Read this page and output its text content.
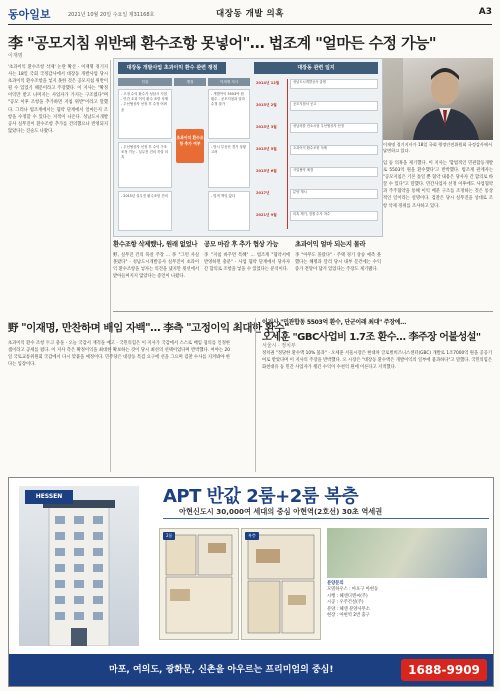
동아일보	2021년 10월 20일 수요일 제31168호	대장동 개발 의혹	A3
李 "공모지침 위반돼 환수조항 못넣어"… 법조계 "얼마든 수정 가능"
이재명
'초과이익 환수조항 삭제' 논란 확산 · 이재명 경기지사는 18일 국회 국정감사에서 대장동 개발사업 당시 초과이익 환수조항을 넣지 못한 것은 공모지침 위반이 될 수 있었기 때문이라고 주장했다. 이 지사는 "확정이익만 받고 나머지는 사업자가 가지는 구조였다"며 "공모 이후 조항을 추가하면 지침 위반"이라고 말했다. 그러나 법조계에서는 협약 단계에서 얼마든지 조항을 수정할 수 있다는 지적이 나온다. 성남도시개발공사 실무진이 환수조항 추가를 건의했으나 반영되지 않았다는 진술도 나왔다.
대장동 개발사업 초과이익 환수 관련 쟁점	대장동 관련 일지
민관	쟁점	이재명 지사
- 고정 수익 환수가 성남시 지침 - 민간 초과 이익 환수 조항 삭제 - 우선협상자 선정 후 수정 어려움
- 우선협상자 선정 후 수익 구조 조정 가능 - 실무진 건의 묵살 의혹
- 2015년 실무진 환수조항 건의
초과이익 환수조항 추가 여부
- 개발이익 5503억 원 환수 - 공모지침과 달라 수정 불가
- 당시 부동산 경기 상황 고려
- 법적 책임 없다
2014년 12월	성남도시개발공사 출범
2015년 2월	공모지침서 공고
2015년 3월	성남의뜰 컨소시엄 우선협상자 선정
2015년 5월	초과이익 환수조항 삭제
2015년 6월	사업협약 체결
2017년	분양 개시
2021년 9월	의혹 제기, 검찰 수사 착수
이재명 경기지사가 18일 국회 행정안전위원회 국정감사에서 답변하고 있다.
임 등 의혹을 제기했다. 이 지사는 '합법적인 민관합동개발로 5503억 원을 환수했다'고 반박했다. 법조계 관계자는 "공모지침은 기본 틀일 뿐 협약 내용은 당사자 간 합의로 바꿀 수 있다"고 말했다. 민간사업자 선정 이후에도 사업협약과 주주협약을 통해 이익 배분 구조를 조정하는 것은 통상적인 일이라는 설명이다. 검찰은 당시 실무진을 상대로 조항 삭제 경위를 조사하고 있다.
환수조항 삭제했나, 원래 없었나
野, 실무진 건의 묵살 주장 … 李 "그런 사실 몰랐다" · 성남도시개발공사 실무진이 초과이익 환수조항을 넣자는 의견을 냈지만 윗선에서 받아들여지지 않았다는 증언이 나왔다.
공모 마감 후 추가 협상 가능
李 "지침 바꾸면 특혜" … 법조계 "협약서에 반영하면 충분" · 사업 협약 단계에서 당사자 간 합의로 조항을 넣을 수 있었다는 분석이다.
초과이익 얼마 되는지 몰라
李 "아무도 몰랐다" · 주택 경기 상승 예측 못 했다는 해명과 달리 당시 내부 문건에는 수익 증가 전망이 담겨 있었다는 주장도 제기됐다.
野 "이재명, 만찬하며 배임 자백"… 李측 "고정이익 최대한 환수"
초과이익 환수 조항 두고 충돌 · 오늘 국감서 재격돌 예고 · 국민의힘은 이 지사가 국감에서 스스로 배임 혐의를 인정한 셈이라고 공세를 폈다. 이 지사 측은 확정이익을 최대한 확보하는 것이 당시 최선의 선택이었다며 반박했다. 여야는 20일 국토교통위원회 국감에서 다시 맞붙을 예정이다. 민주당은 대장동 특검 요구에 선을 그으며 검찰 수사를 지켜봐야 한다는 입장이다.
이지사 "민관합동 5503억 환수, 단군이래 최대" 주장에…
오세훈 "GBC사업비 1.7조 환수… 李주장 어불성설"
서울시 · 정치부
정치권 "정당한 환수액 10% 불과" · 오세훈 서울시장은 현대차 글로벌비즈니스센터(GBC) 개발로 1조7000억 원을 공공기여로 받았다며 이 지사의 주장을 반박했다. 오 시장은 "대장동 환수액은 개발이익의 일부에 불과하다"고 말했다. 국민의힘은 화천대유 등 민간 사업자가 챙긴 수익이 수천억 원에 이른다고 지적했다.
HESSEN	APT 반값 2룸+2룸 복층
아현신도시 30,000여 세대의 중심 아현역(2호선) 30초 역세권
2룸	복층
분양문의
모델하우스 : 마포구 아현동
시행 : 헤센디앤씨(주)
시공 : 우주건설(주)
분양 : 헤센 분양사무소
현장 : 아현역 2번 출구
마포, 여의도, 광화문, 신촌을 아우르는 프리미엄의 중심!	1688-9909
